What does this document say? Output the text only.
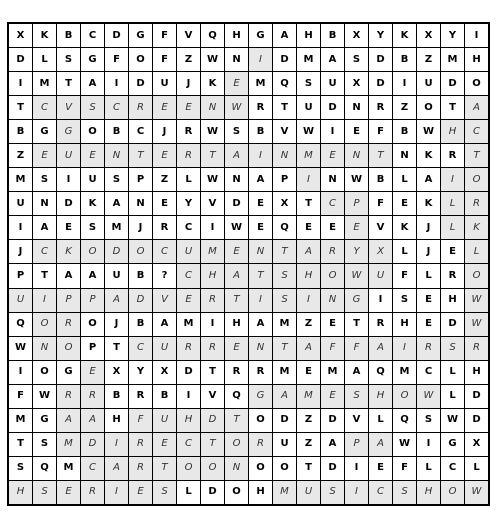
X	K	B	C	D	G	F	V	Q	H	G	A	H	B	X	Y	K	X	Y	I
D	L	S	G	F	O	F	Z	W	N	I	D	M	A	S	D	B	Z	M	H
I	M	T	A	I	D	U	J	K	E	M	Q	S	U	X	D	I	U	D	O
T	C	V	S	C	R	E	E	N	W	R	T	U	D	N	R	Z	O	T	A
B	G	G	O	B	C	J	R	W	S	B	V	W	I	E	F	B	W	H	C
Z	E	U	E	N	T	E	R	T	A	I	N	M	E	N	T	N	K	R	T
M	S	I	U	S	P	Z	L	W	N	A	P	I	N	W	B	L	A	I	O
U	N	D	K	A	N	E	Y	V	D	E	X	T	C	P	F	E	K	L	R
I	A	E	S	M	J	R	C	I	W	E	Q	E	E	E	V	K	J	L	K
J	C	K	O	D	O	C	U	M	E	N	T	A	R	Y	X	L	J	E	L
P	T	A	A	U	B	?	C	H	A	T	S	H	O	W	U	F	L	R	O
U	I	P	P	A	D	V	E	R	T	I	S	I	N	G	I	S	E	H	W
Q	O	R	O	J	B	A	M	I	H	A	M	Z	E	T	R	H	E	D	W
W	N	O	P	T	C	U	R	R	E	N	T	A	F	F	A	I	R	S	R
I	O	G	E	X	Y	X	D	T	R	R	M	E	M	A	Q	M	C	L	H
F	W	R	R	B	R	B	I	V	Q	G	A	M	E	S	H	O	W	L	D
M	G	A	A	H	F	U	H	D	T	O	D	Z	D	V	L	Q	S	W	D
T	S	M	D	I	R	E	C	T	O	R	U	Z	A	P	A	W	I	G	X
S	Q	M	C	A	R	T	O	O	N	O	O	T	D	I	E	F	L	C	L
H	S	E	R	I	E	S	L	D	O	H	M	U	S	I	C	S	H	O	W
